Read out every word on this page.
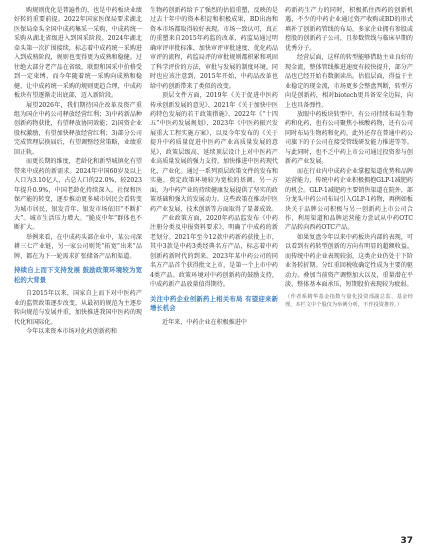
购规则优化是普遍性的，也是中药板块业绩好转的重要前提。2022年国家医保局要求湖北医保局牵头全国中成药集采一采购，中成药统一采购从湖北省级进入到国采阶段。2024年湖北牵头第一次扩围接续，标志着中成药统一采购进入到成熟阶段，规则也变得更为成熟和稳健。过往绝大部分老产品在省级、联盟和国采中价格受到一定束缚，而今年随着统一采购向成熟和稳健，让中成药统一采购的规则更趋合理，中成药板块有望逐渐走出底部，迈入新阶段。

展望2026年，我们期待国企改革及资产重组为国企中药公司释放经营红利；3)中药新品种创新药物获批，有望释放协同效能；2)国资企业股权激励，有望加快释放经营红利；3)部分公司完成管理层换届后，有望调整经营策略，业绩重回正轨。

而更长期的维度，老龄化和新型城镇化有望带来中成药的新需求。2024年中国60岁及以上人口为3.10亿人，占总人口的22.0%，较2023年提升0.9%，中国老龄化持续深入。社保和医保产能的转变，逐步推动更多城市居民会看转变为城市居民，银发青年、银发市场依旧“不断扩大”。城市生活压力增大。“脆皮中年”群体也不断扩大。

举例来看，在中成药头部企业中，某公司深耕三七产业链，另一家公司则凭“拓宽”出来”品牌，都在为下一轮需求扩张储备产品和渠道。

持续自上而下支持发展 鼓励政策环境较为宽松的大背景

自2015年以来，国家自上而下对中医药产业的监管政策逐步改变，从最初的规范为主逐步转向规范与发展并重，加快推进我国中医药的现代化和国际化。

今年以来资本市场对化药创新药和

生物药创新药给予了强烈的估值重塑，反映的是过去十年中的资本积淀和积极成果，BD出海和资本市场都取得较好表现。市场一致认可，真正的重塑来自2015年药监的改革，药监局通过明确审评审批标准、加快审评审批速度、优化药品审评的流程，药监局评的审批规则都积累和巩固了科学评价的方法，审批与发展的制度环境。同时也应该注意到，2015年开始，中药品改革也给中药创新带来了类似的改变。

顶层文件方面，2019年《关于促进中医药传承创新发展的意见》、2021年《关于加快中医药特色发展的若干政策措施》、2022年《“十四五”中医药发展规划》、2023年《中医药振兴发展重大工程实施方案》，以及今年发布的《关于提升中药质量促进中医药产业高质量发展的意见》，政策层级高，延续顶层设计上对中医药产业高质量发展的强力支持，加快推进中医药现代化、产业化。通过一系列顶层政策文件的发布和实施，奠定政策环境较为宽松的基调。另一方面，为中药产业的持续健康发展提供了坚实的政策基础和强大的发展动力。这些政策在推动中医药产业发展、技术创新等方面取得了显著成效。

产业政策方面，2020年药品监发布《中药注册分类及申报资料要求》，明确了中成药的新老划分。2021年至今12款中药新药获批上市，其中3款是中药3类经典名方产品，标志着中药创新药新时代的到来。2023年某中药公司的同名方产品首个获得批文上市，是第一个上市中药4类产品。政策环境对中药创新药的鼓励支持，中成药新产品放量值得期待。

关注中药企业创新药上相关布局 有望迎来新增长机会

近年来，中药企业在积极推进中

药新药生产力的同时，积极抓住西药的创新机遇，不少的中药企业通过资产收购或BD的形式填补了创新药管线的布局，多家企业拥有参股或控股的创新药子公司，且参数管线与临床早期的优秀分子。

经营层面，这样的转型能够借助主业良好的现金流，整体管线推进速度有较快提升，部分产品也已经开始有数据读出。估值层面，得益于主业稳定的现金流，市场更多会整盘判断，转型方向是创新药，相对biotech更具备安全边际，向上也具备弹性。

放眼中药板块转型中，有公司持续布局生物药和化药，也有公司聚焦小核酸药物，还有公司同时布局生物药和化药，此外还存在普通中药公司旗下的子公司在接受管线研发能力推进等等。与此同时，也不乏中药上市公司通过投资参与创新药产业发展。

而在行业内中成药企业掌握渠道优势和品牌运营能力，传统中药企业积极拥抱GLP-1减肥药的机会。GLP-1减肥药主要销售渠道在院外，部分龙头中药公司布局引入GLP-1药物，再例如板块关于品牌公司积极与另一创新药上市公司合作，利用渠道和品牌运营能力尝试从中药OTC产品转向西药OTC产品。

如果复盘今年以来中药板块内部的表现，可以看到有药转型创新的方向有明显的超额收益。而传统中药企业表现较弱，这类企业仍处于下阶业务转折期。分红重回税收确定性成为主要的驱动力。叠加当前资产调整加大以及，重量潜在平淡，整体基本面承压，短期股价表现较为疲弱。

（作者系精华基金指数与量化投资部副总监、基金经理，本栏文中个股仅为举例分析，不作投资推荐。）
37
